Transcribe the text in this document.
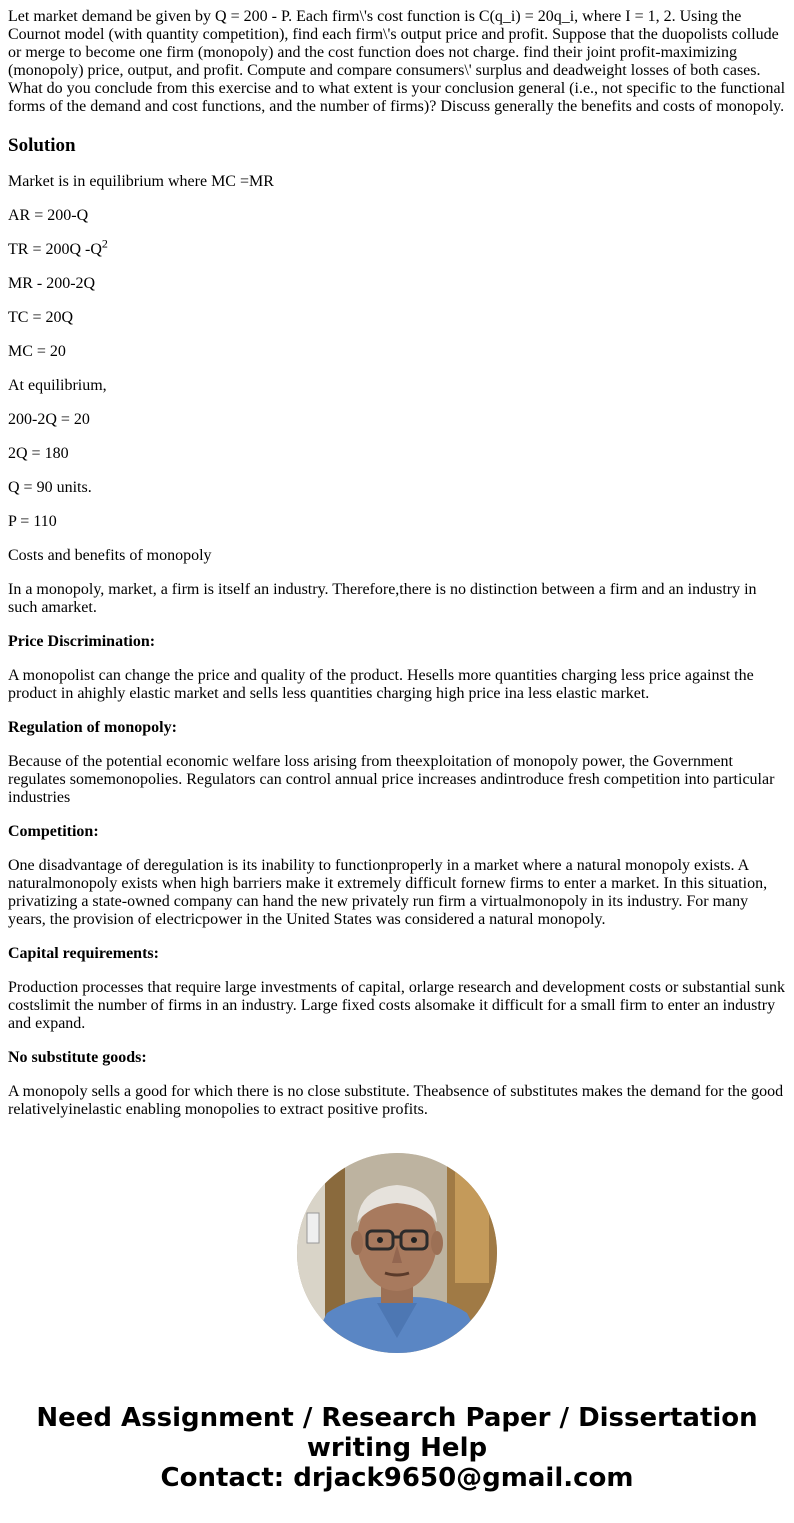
Let market demand be given by Q = 200 - P. Each firm\'s cost function is C(q_i) = 20q_i, where I = 1, 2. Using the Cournot model (with quantity competition), find each firm\'s output price and profit. Suppose that the duopolists collude or merge to become one firm (monopoly) and the cost function does not charge. find their joint profit-maximizing (monopoly) price, output, and profit. Compute and compare consumers\' surplus and deadweight losses of both cases. What do you conclude from this exercise and to what extent is your conclusion general (i.e., not specific to the functional forms of the demand and cost functions, and the number of firms)? Discuss generally the benefits and costs of monopoly.
Solution
Market is in equilibrium where MC =MR
AR = 200-Q
TR = 200Q $-Q^2$
MR - 200-2Q
TC = 20Q
MC = 20
At equilibrium,
200-2Q = 20
2Q = 180
Q = 90 units.
P = 110
Costs and benefits of monopoly
In a monopoly, market, a firm is itself an industry. Therefore,there is no distinction between a firm and an industry in such amarket.
Price Discrimination:
A monopolist can change the price and quality of the product. Hesells more quantities charging less price against the product in ahighly elastic market and sells less quantities charging high price ina less elastic market.
Regulation of monopoly:
Because of the potential economic welfare loss arising from theexploitation of monopoly power, the Government regulates somemonopolies. Regulators can control annual price increases andintroduce fresh competition into particular industries
Competition:
One disadvantage of deregulation is its inability to functionproperly in a market where a natural monopoly exists. A naturalmonopoly exists when high barriers make it extremely difficult fornew firms to enter a market. In this situation, privatizing a state-owned company can hand the new privately run firm a virtualmonopoly in its industry. For many years, the provision of electricpower in the United States was considered a natural monopoly.
Capital requirements:
Production processes that require large investments of capital, orlarge research and development costs or substantial sunk costslimit the number of firms in an industry. Large fixed costs alsomake it difficult for a small firm to enter an industry and expand.
No substitute goods:
A monopoly sells a good for which there is no close substitute. Theabsence of substitutes makes the demand for the good relativelyinelastic enabling monopolies to extract positive profits.
Need Assignment / Research Paper / Dissertation
writing Help
Contact: drjack9650@gmail.com
